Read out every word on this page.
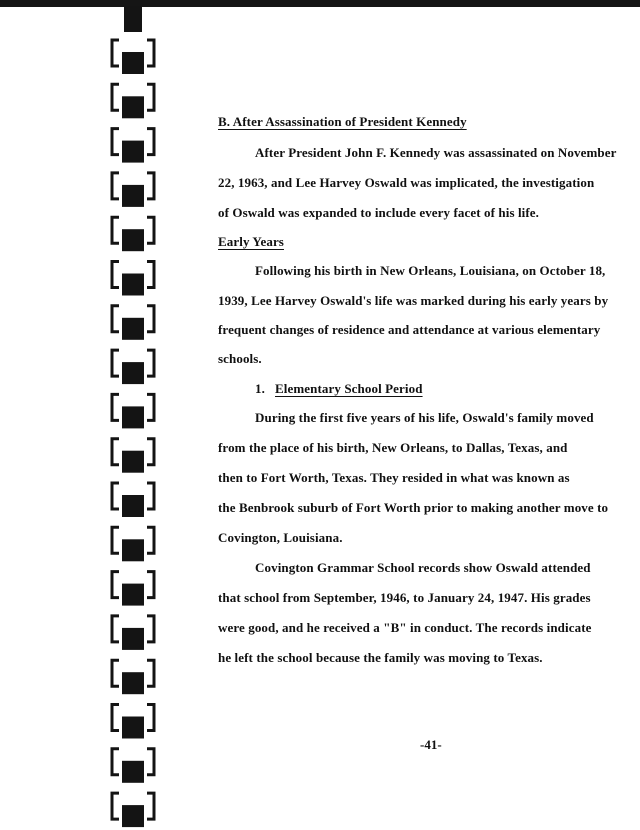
B. After Assassination of President Kennedy
After President John F. Kennedy was assassinated on November
22, 1963, and Lee Harvey Oswald was implicated, the investigation
of Oswald was expanded to include every facet of his life.
Early Years
Following his birth in New Orleans, Louisiana, on October 18,
1939, Lee Harvey Oswald's life was marked during his early years by
frequent changes of residence and attendance at various elementary
schools.
1. Elementary School Period
During the first five years of his life, Oswald's family moved
from the place of his birth, New Orleans, to Dallas, Texas, and
then to Fort Worth, Texas. They resided in what was known as
the Benbrook suburb of Fort Worth prior to making another move to
Covington, Louisiana.
Covington Grammar School records show Oswald attended
that school from September, 1946, to January 24, 1947. His grades
were good, and he received a "B" in conduct. The records indicate
he left the school because the family was moving to Texas.
-41-
